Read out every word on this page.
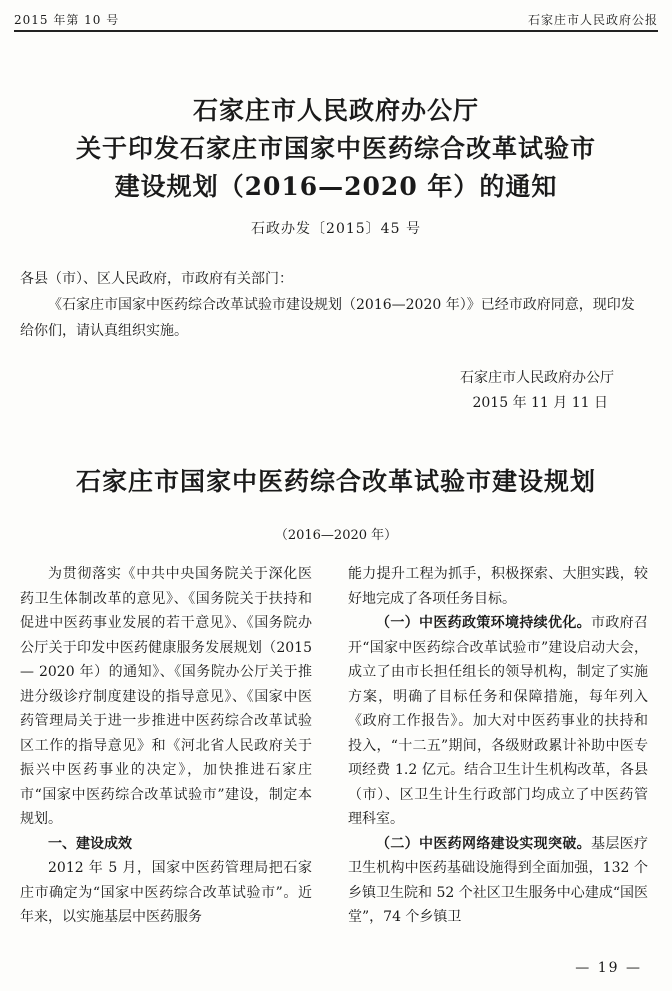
2015 年第 10 号	石家庄市人民政府公报
石家庄市人民政府办公厅
关于印发石家庄市国家中医药综合改革试验市
建设规划（2016—2020 年）的通知
石政办发〔2015〕45 号

各县（市）、区人民政府，市政府有关部门：

《石家庄市国家中医药综合改革试验市建设规划（2016—2020 年）》已经市政府同意，现印发给你们，请认真组织实施。

石家庄市人民政府办公厅
2015 年 11 月 11 日
石家庄市国家中医药综合改革试验市建设规划
（2016—2020 年）

为贯彻落实《中共中央国务院关于深化医药卫生体制改革的意见》、《国务院关于扶持和促进中医药事业发展的若干意见》、《国务院办公厅关于印发中医药健康服务发展规划（2015 — 2020 年）的通知》、《国务院办公厅关于推进分级诊疗制度建设的指导意见》、《国家中医药管理局关于进一步推进中医药综合改革试验区工作的指导意见》和《河北省人民政府关于振兴中医药事业的决定》，加快推进石家庄市“国家中医药综合改革试验市”建设，制定本规划。

一、建设成效

2012 年 5 月，国家中医药管理局把石家庄市确定为“国家中医药综合改革试验市”。近年来，以实施基层中医药服务

能力提升工程为抓手，积极探索、大胆实践，较好地完成了各项任务目标。

（一）中医药政策环境持续优化。市政府召开“国家中医药综合改革试验市”建设启动大会，成立了由市长担任组长的领导机构，制定了实施方案，明确了目标任务和保障措施，每年列入《政府工作报告》。加大对中医药事业的扶持和投入，“十二五”期间，各级财政累计补助中医专项经费 1.2 亿元。结合卫生计生机构改革，各县（市）、区卫生计生行政部门均成立了中医药管理科室。

（二）中医药网络建设实现突破。基层医疗卫生机构中医药基础设施得到全面加强，132 个乡镇卫生院和 52 个社区卫生服务中心建成“国医堂”，74 个乡镇卫

— 19 —
